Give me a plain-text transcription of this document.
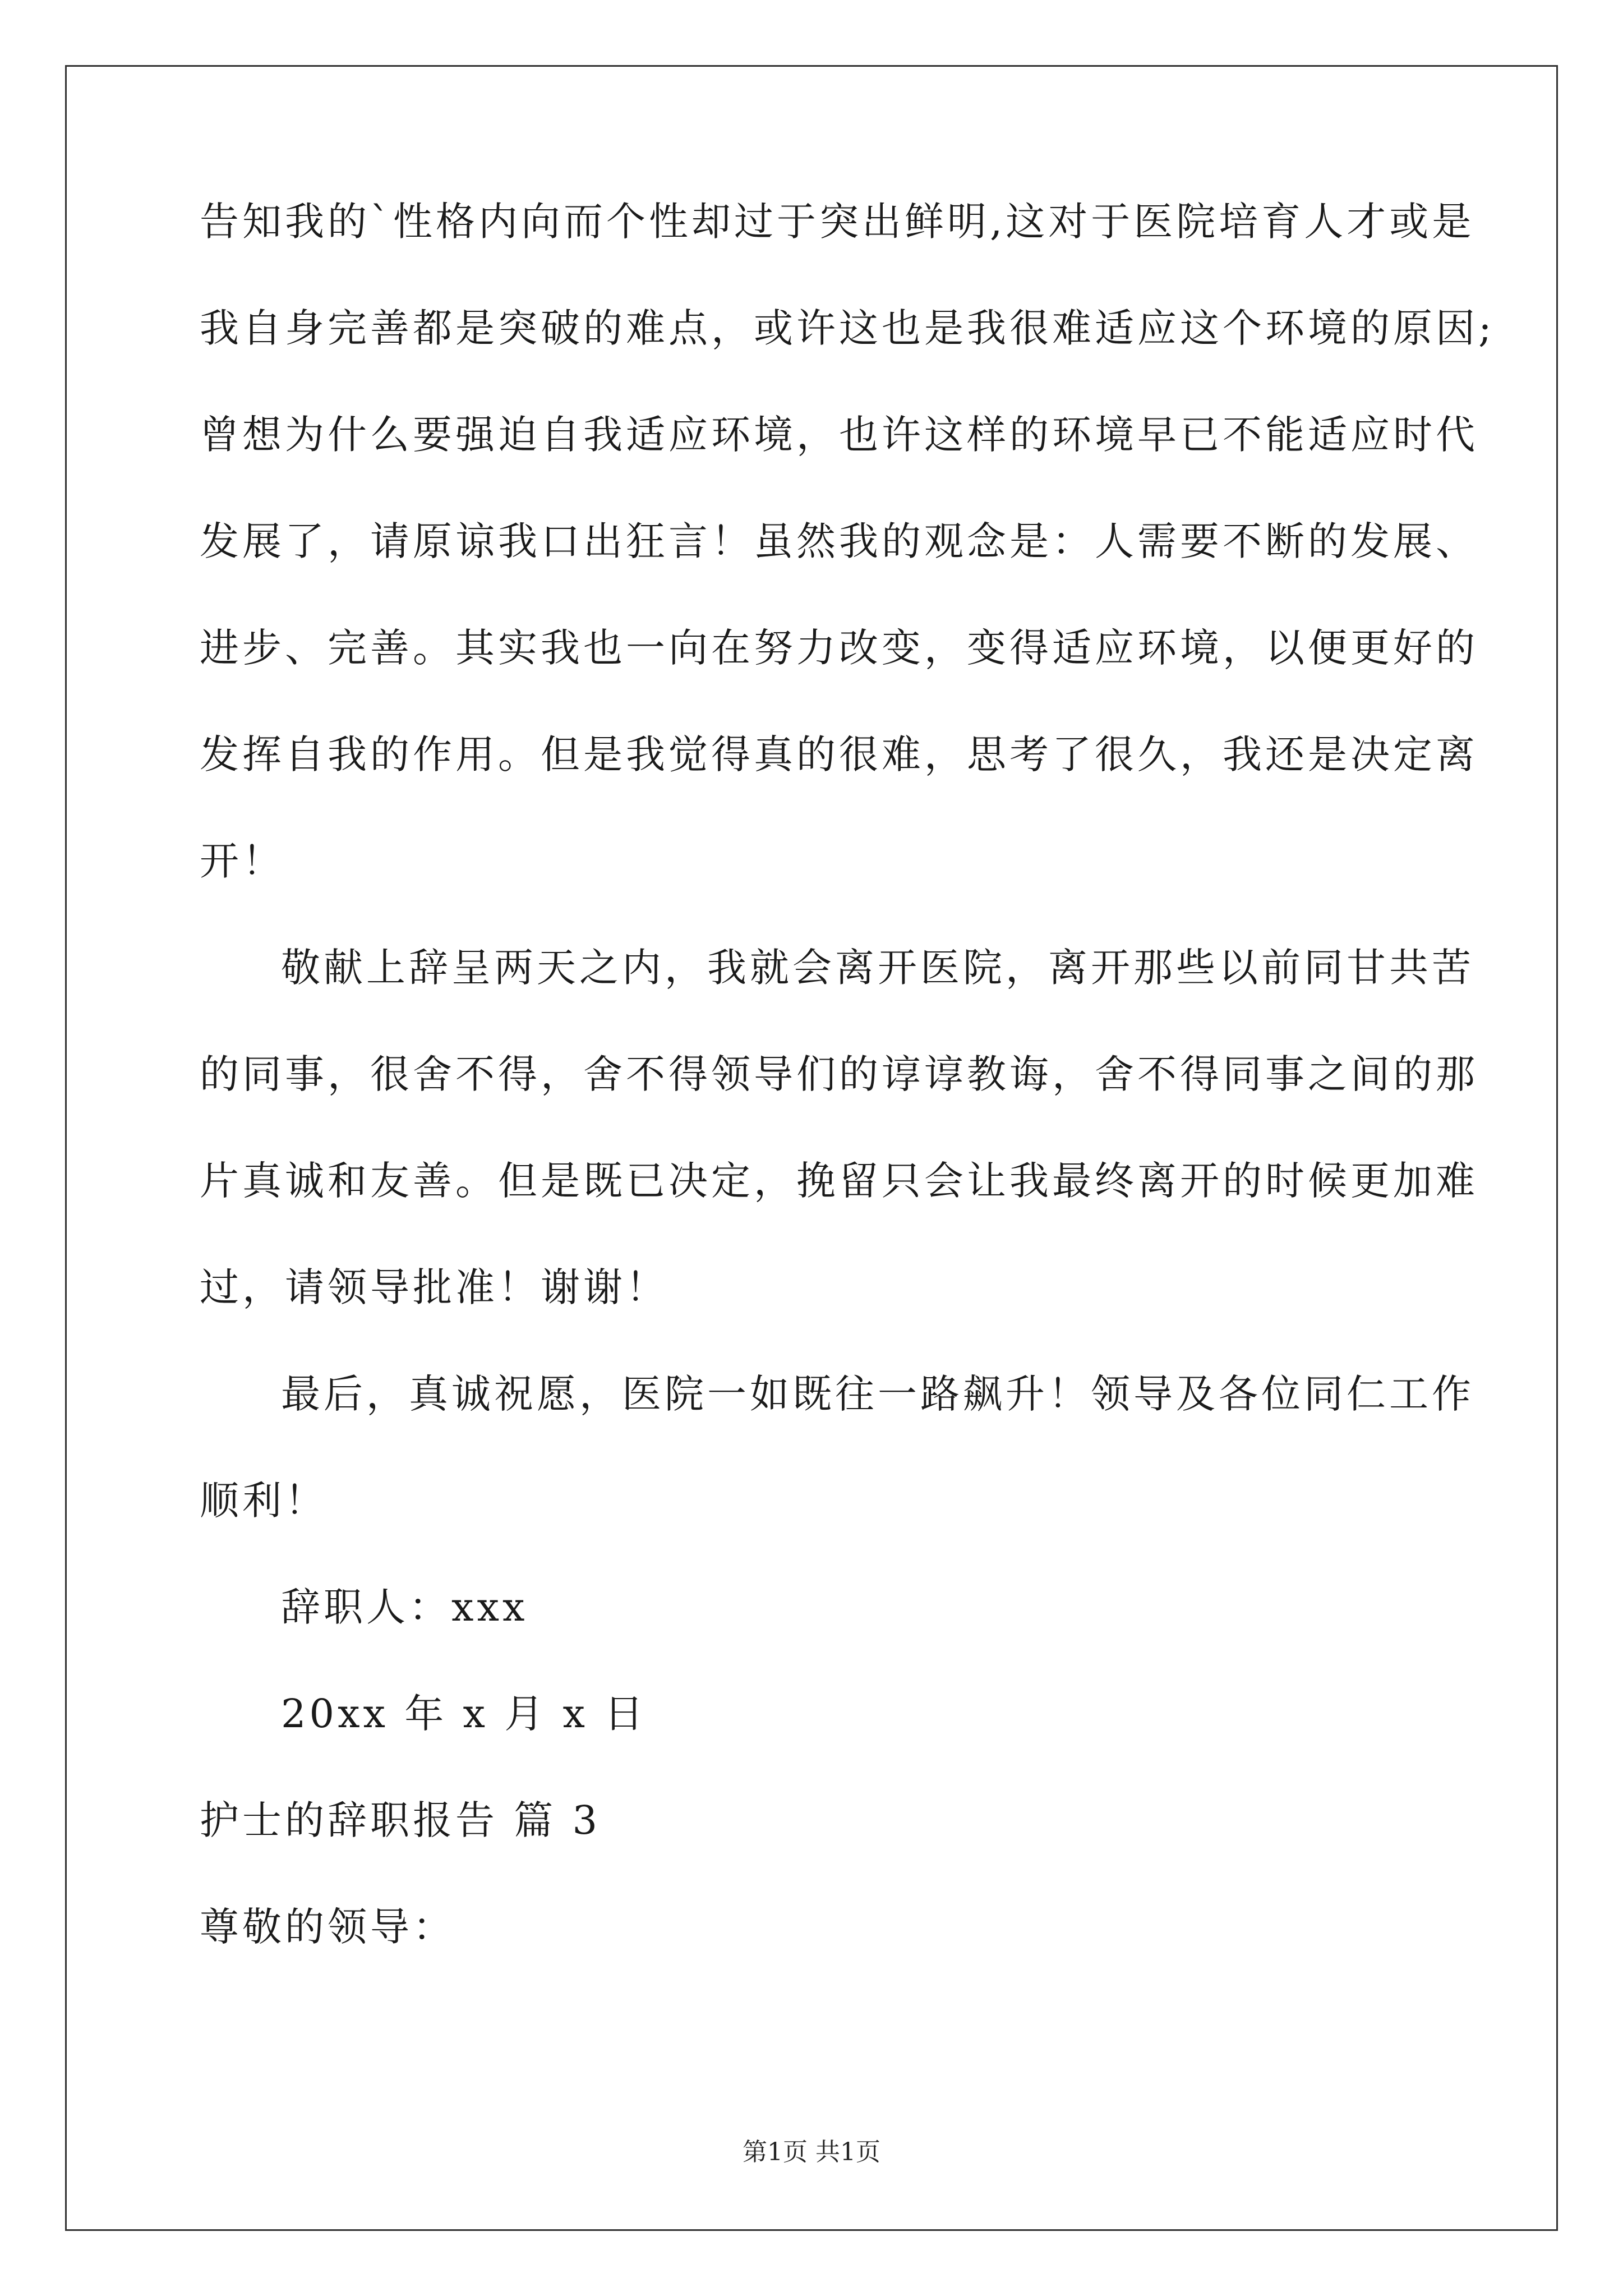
告知我的`性格内向而个性却过于突出鲜明,这对于医院培育人才或是
我自身完善都是突破的难点，或许这也是我很难适应这个环境的原因;
曾想为什么要强迫自我适应环境，也许这样的环境早已不能适应时代
发展了，请原谅我口出狂言！虽然我的观念是：人需要不断的发展、
进步、完善。其实我也一向在努力改变，变得适应环境，以便更好的
发挥自我的作用。但是我觉得真的很难，思考了很久，我还是决定离
开！
敬献上辞呈两天之内，我就会离开医院，离开那些以前同甘共苦
的同事，很舍不得，舍不得领导们的谆谆教诲，舍不得同事之间的那
片真诚和友善。但是既已决定，挽留只会让我最终离开的时候更加难
过，请领导批准！谢谢！
最后，真诚祝愿，医院一如既往一路飙升！领导及各位同仁工作
顺利！
辞职人：xxx
20xx 年 x 月 x 日
护士的辞职报告 篇 3
尊敬的领导：
第1页 共1页
